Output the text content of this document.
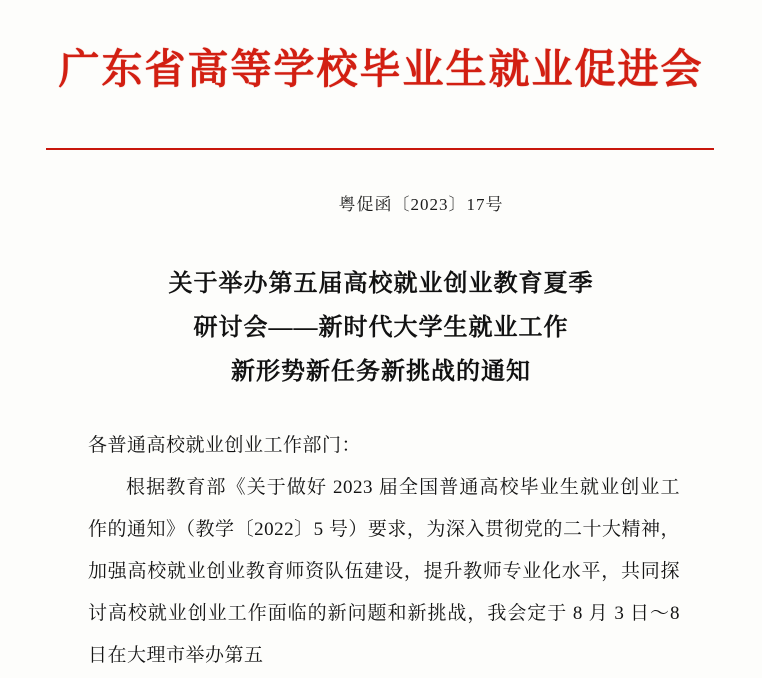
广东省高等学校毕业生就业促进会
粤促函〔2023〕17号
关于举办第五届高校就业创业教育夏季
研讨会——新时代大学生就业工作
新形势新任务新挑战的通知
各普通高校就业创业工作部门：
根据教育部《关于做好 2023 届全国普通高校毕业生就业创业工作的通知》（教学〔2022〕5 号）要求，为深入贯彻党的二十大精神，加强高校就业创业教育师资队伍建设，提升教师专业化水平，共同探讨高校就业创业工作面临的新问题和新挑战，我会定于 8 月 3 日～8 日在大理市举办第五
